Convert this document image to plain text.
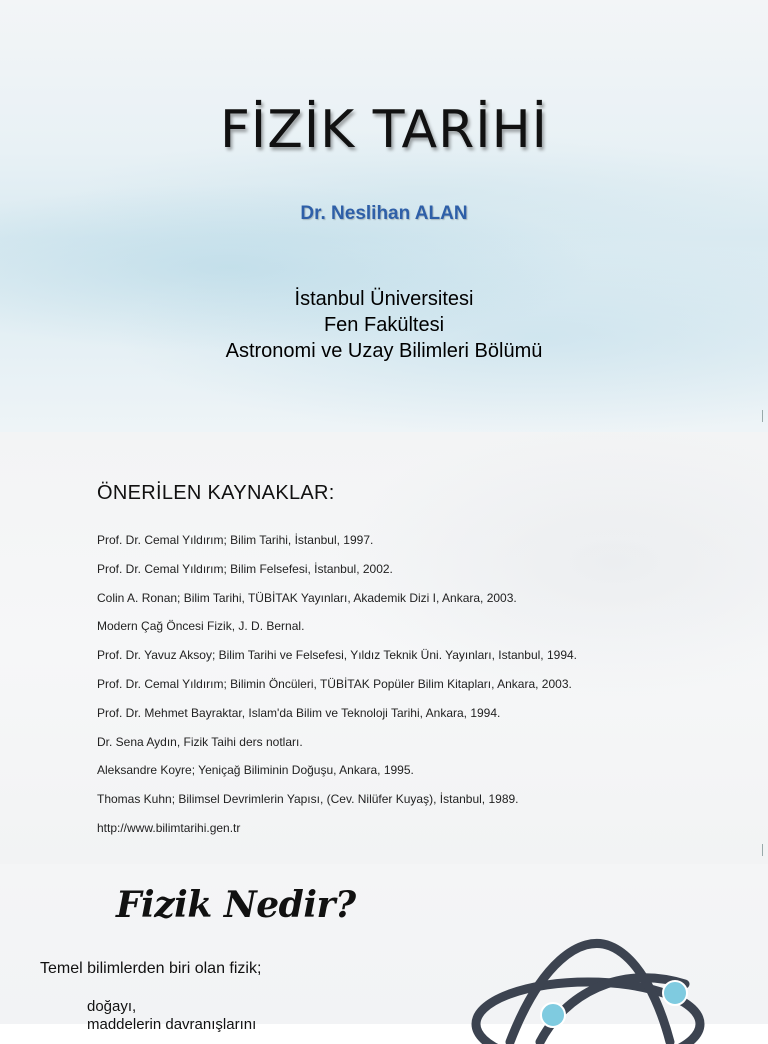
FİZİK TARİHİ
Dr. Neslihan ALAN
İstanbul Üniversitesi
Fen Fakültesi
Astronomi ve Uzay Bilimleri Bölümü
ÖNERİLEN KAYNAKLAR:
Prof. Dr. Cemal Yıldırım; Bilim Tarihi, İstanbul, 1997.
Prof. Dr. Cemal Yıldırım; Bilim Felsefesi, İstanbul, 2002.
Colin A. Ronan; Bilim Tarihi, TÜBİTAK Yayınları, Akademik Dizi I, Ankara, 2003.
Modern Çağ Öncesi Fizik, J. D. Bernal.
Prof. Dr. Yavuz Aksoy; Bilim Tarihi ve Felsefesi, Yıldız Teknik Üni. Yayınları, Istanbul, 1994.
Prof. Dr. Cemal Yıldırım; Bilimin Öncüleri, TÜBİTAK Popüler Bilim Kitapları, Ankara, 2003.
Prof. Dr. Mehmet Bayraktar, Islam'da Bilim ve Teknoloji Tarihi, Ankara, 1994.
Dr. Sena Aydın, Fizik Taihi ders notları.
Aleksandre Koyre; Yeniçağ Biliminin Doğuşu, Ankara, 1995.
Thomas Kuhn; Bilimsel Devrimlerin Yapısı, (Cev. Nilüfer Kuyaş), İstanbul, 1989.
http://www.bilimtarihi.gen.tr
Fizik Nedir?
Temel bilimlerden biri olan fizik;
doğayı,
maddelerin davranışlarını
